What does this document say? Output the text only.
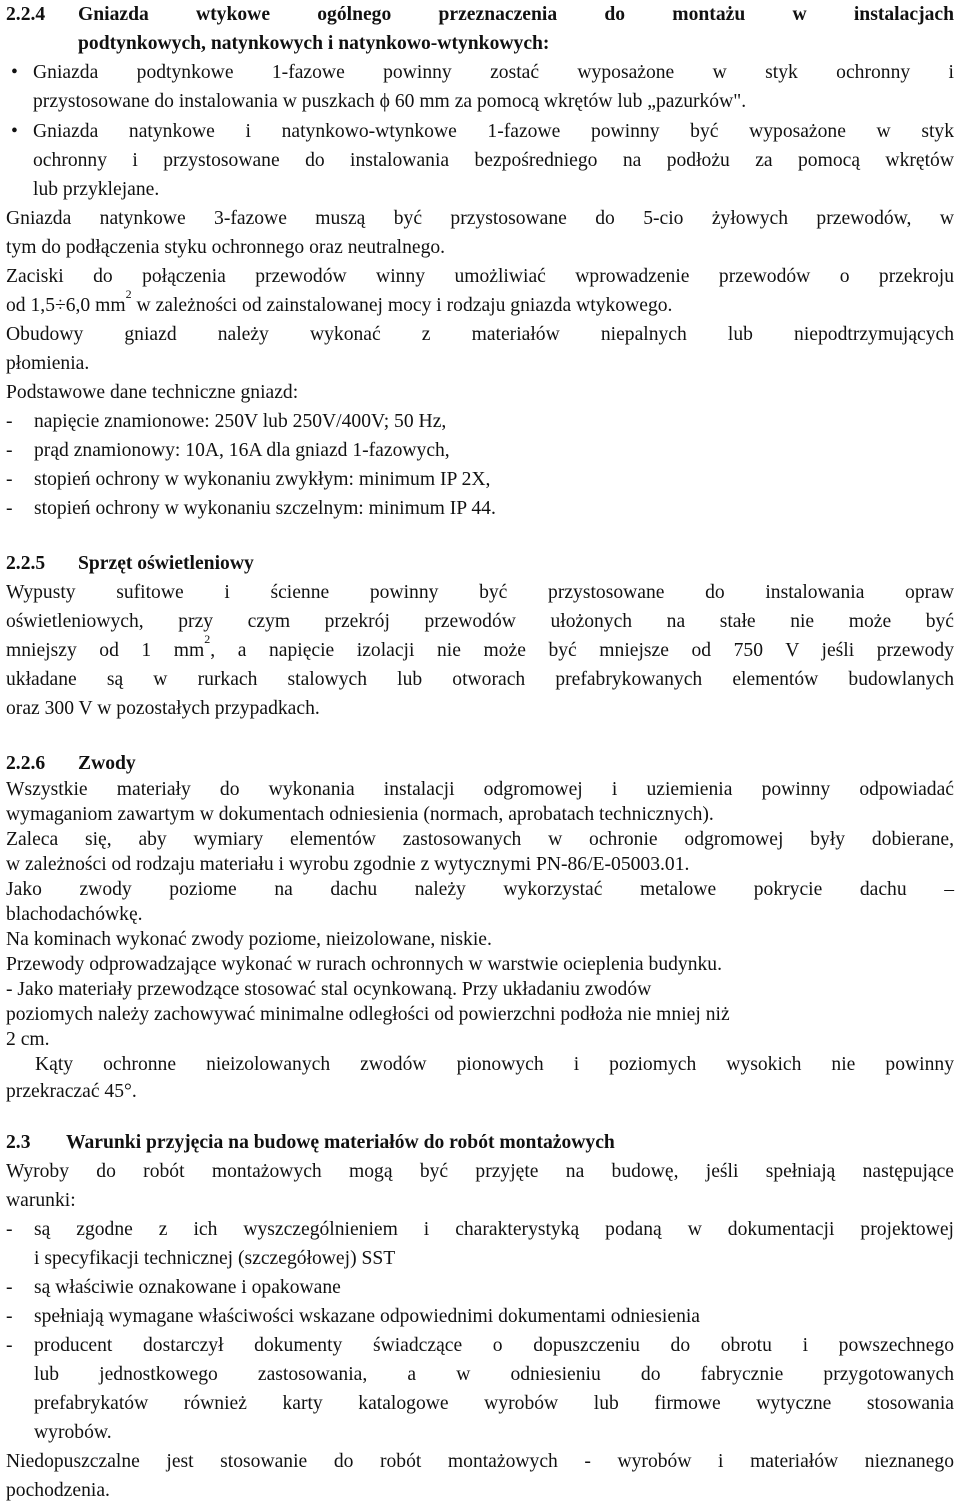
2.2.4 Gniazda wtykowe ogólnego przeznaczenia do montażu w instalacjach
podtynkowych, natynkowych i natynkowo-wtynkowych:
• Gniazda podtynkowe 1-fazowe powinny zostać wyposażone w styk ochronny i
przystosowane do instalowania w puszkach ϕ 60 mm za pomocą wkrętów lub „pazurków".
• Gniazda natynkowe i natynkowo-wtynkowe 1-fazowe powinny być wyposażone w styk
ochronny i przystosowane do instalowania bezpośredniego na podłożu za pomocą wkrętów
lub przyklejane.
Gniazda natynkowe 3-fazowe muszą być przystosowane do 5-cio żyłowych przewodów, w
tym do podłączenia styku ochronnego oraz neutralnego.
Zaciski do połączenia przewodów winny umożliwiać wprowadzenie przewodów o przekroju
od 1,5÷6,0 $mm^2$ w zależności od zainstalowanej mocy i rodzaju gniazda wtykowego.
Obudowy gniazd należy wykonać z materiałów niepalnych lub niepodtrzymujących
płomienia.
Podstawowe dane techniczne gniazd:
- napięcie znamionowe: 250V lub 250V/400V; 50 Hz,
- prąd znamionowy: 10A, 16A dla gniazd 1-fazowych,
- stopień ochrony w wykonaniu zwykłym: minimum IP 2X,
- stopień ochrony w wykonaniu szczelnym: minimum IP 44.
2.2.5 Sprzęt oświetleniowy
Wypusty sufitowe i ścienne powinny być przystosowane do instalowania opraw
oświetleniowych, przy czym przekrój przewodów ułożonych na stałe nie może być
mniejszy od 1 $mm^2$, a napięcie izolacji nie może być mniejsze od 750 V jeśli przewody
układane są w rurkach stalowych lub otworach prefabrykowanych elementów budowlanych
oraz 300 V w pozostałych przypadkach.
2.2.6 Zwody
Wszystkie materiały do wykonania instalacji odgromowej i uziemienia powinny odpowiadać
wymaganiom zawartym w dokumentach odniesienia (normach, aprobatach technicznych).
Zaleca się, aby wymiary elementów zastosowanych w ochronie odgromowej były dobierane,
w zależności od rodzaju materiału i wyrobu zgodnie z wytycznymi PN-86/E-05003.01.
Jako zwody poziome na dachu należy wykorzystać metalowe pokrycie dachu –
blachodachówkę.
Na kominach wykonać zwody poziome, nieizolowane, niskie.
Przewody odprowadzające wykonać w rurach ochronnych w warstwie ocieplenia budynku.
- Jako materiały przewodzące stosować stal ocynkowaną. Przy układaniu zwodów
poziomych należy zachowywać minimalne odległości od powierzchni podłoża nie mniej niż
2 cm.
Kąty ochronne nieizolowanych zwodów pionowych i poziomych wysokich nie powinny
przekraczać 45°.
2.3 Warunki przyjęcia na budowę materiałów do robót montażowych
Wyroby do robót montażowych mogą być przyjęte na budowę, jeśli spełniają następujące
warunki:
- są zgodne z ich wyszczególnieniem i charakterystyką podaną w dokumentacji projektowej
i specyfikacji technicznej (szczegółowej) SST
- są właściwie oznakowane i opakowane
- spełniają wymagane właściwości wskazane odpowiednimi dokumentami odniesienia
- producent dostarczył dokumenty świadczące o dopuszczeniu do obrotu i powszechnego
lub jednostkowego zastosowania, a w odniesieniu do fabrycznie przygotowanych
prefabrykatów również karty katalogowe wyrobów lub firmowe wytyczne stosowania
wyrobów.
Niedopuszczalne jest stosowanie do robót montażowych - wyrobów i materiałów nieznanego
pochodzenia.
